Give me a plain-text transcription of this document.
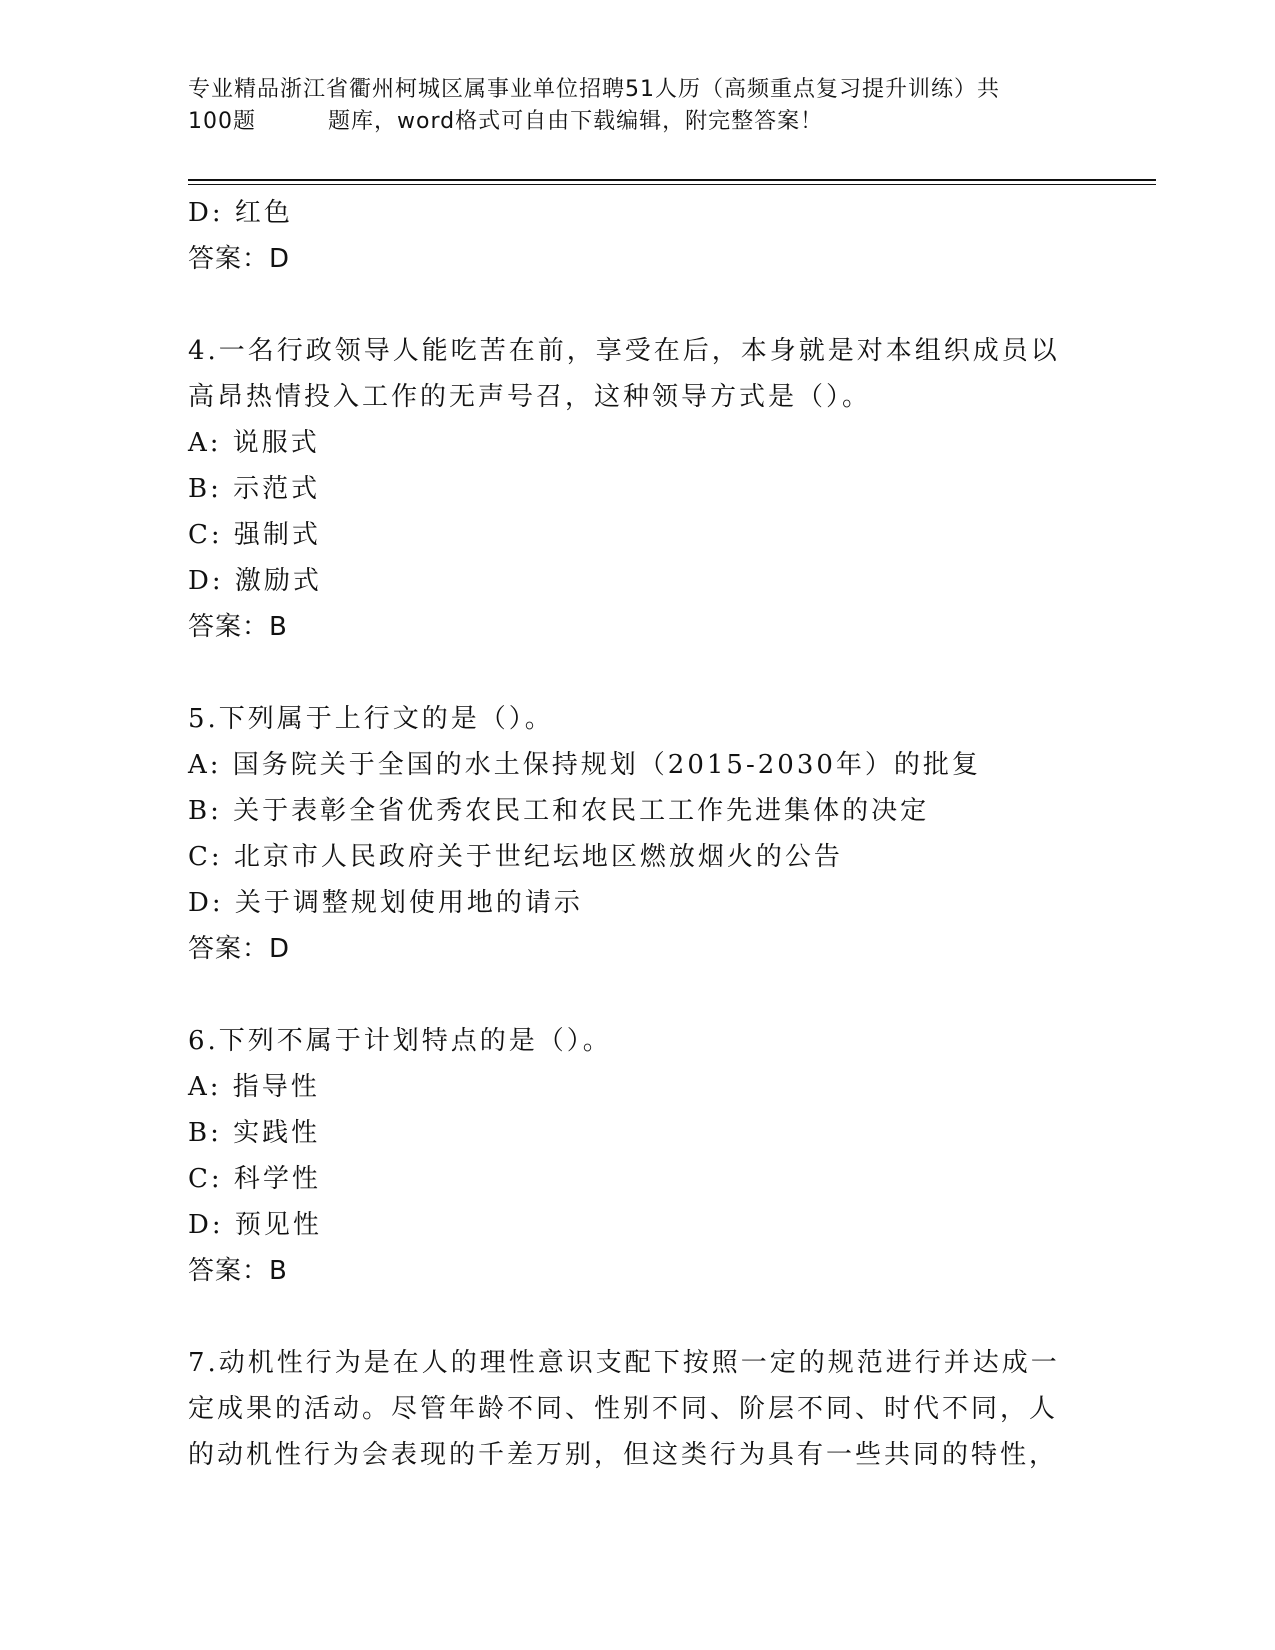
专业精品浙江省衢州柯城区属事业单位招聘51人历（高频重点复习提升训练）共
100题	题库，word格式可自由下载编辑，附完整答案！
D: 红色
答案：D
4.一名行政领导人能吃苦在前，享受在后，本身就是对本组织成员以
高昂热情投入工作的无声号召，这种领导方式是（）。
A: 说服式
B: 示范式
C: 强制式
D: 激励式
答案：B
5.下列属于上行文的是（）。
A: 国务院关于全国的水土保持规划（2015-2030年）的批复
B: 关于表彰全省优秀农民工和农民工工作先进集体的决定
C: 北京市人民政府关于世纪坛地区燃放烟火的公告
D: 关于调整规划使用地的请示
答案：D
6.下列不属于计划特点的是（）。
A: 指导性
B: 实践性
C: 科学性
D: 预见性
答案：B
7.动机性行为是在人的理性意识支配下按照一定的规范进行并达成一
定成果的活动。尽管年龄不同、性别不同、阶层不同、时代不同，人
的动机性行为会表现的千差万别，但这类行为具有一些共同的特性，
